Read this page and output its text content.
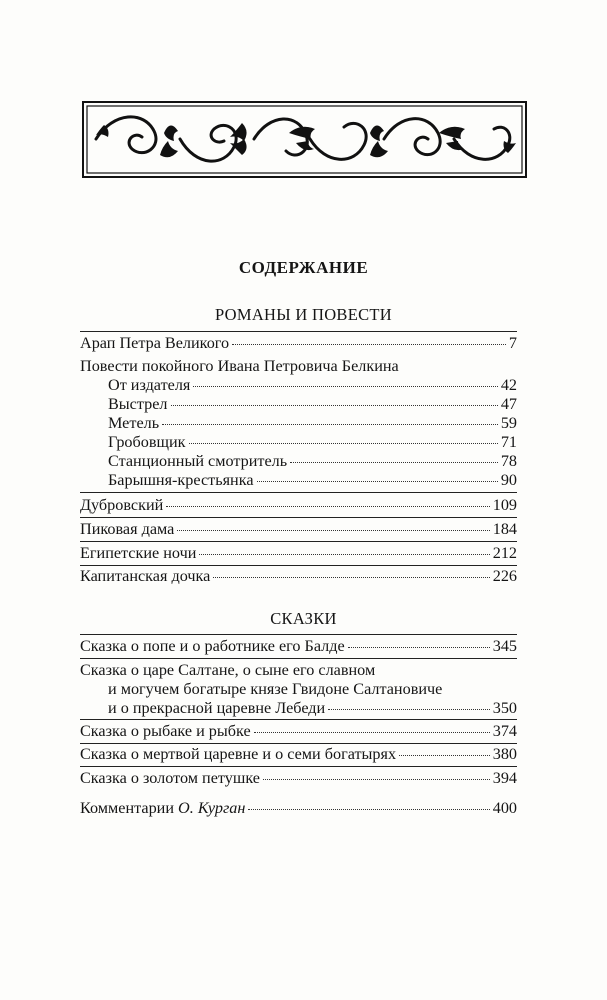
СОДЕРЖАНИЕ
РОМАНЫ И ПОВЕСТИ
Арап Петра Великого	7
Повести покойного Ивана Петровича Белкина
От издателя	42
Выстрел	47
Метель	59
Гробовщик	71
Станционный смотритель	78
Барышня-крестьянка	90
Дубровский	109
Пиковая дама	184
Египетские ночи	212
Капитанская дочка	226
СКАЗКИ
Сказка о попе и о работнике его Балде	345
Сказка о царе Салтане, о сыне его славном
и могучем богатыре князе Гвидоне Салтановиче
и о прекрасной царевне Лебеди	350
Сказка о рыбаке и рыбке	374
Сказка о мертвой царевне и о семи богатырях	380
Сказка о золотом петушке	394
Комментарии О. Курган	400
